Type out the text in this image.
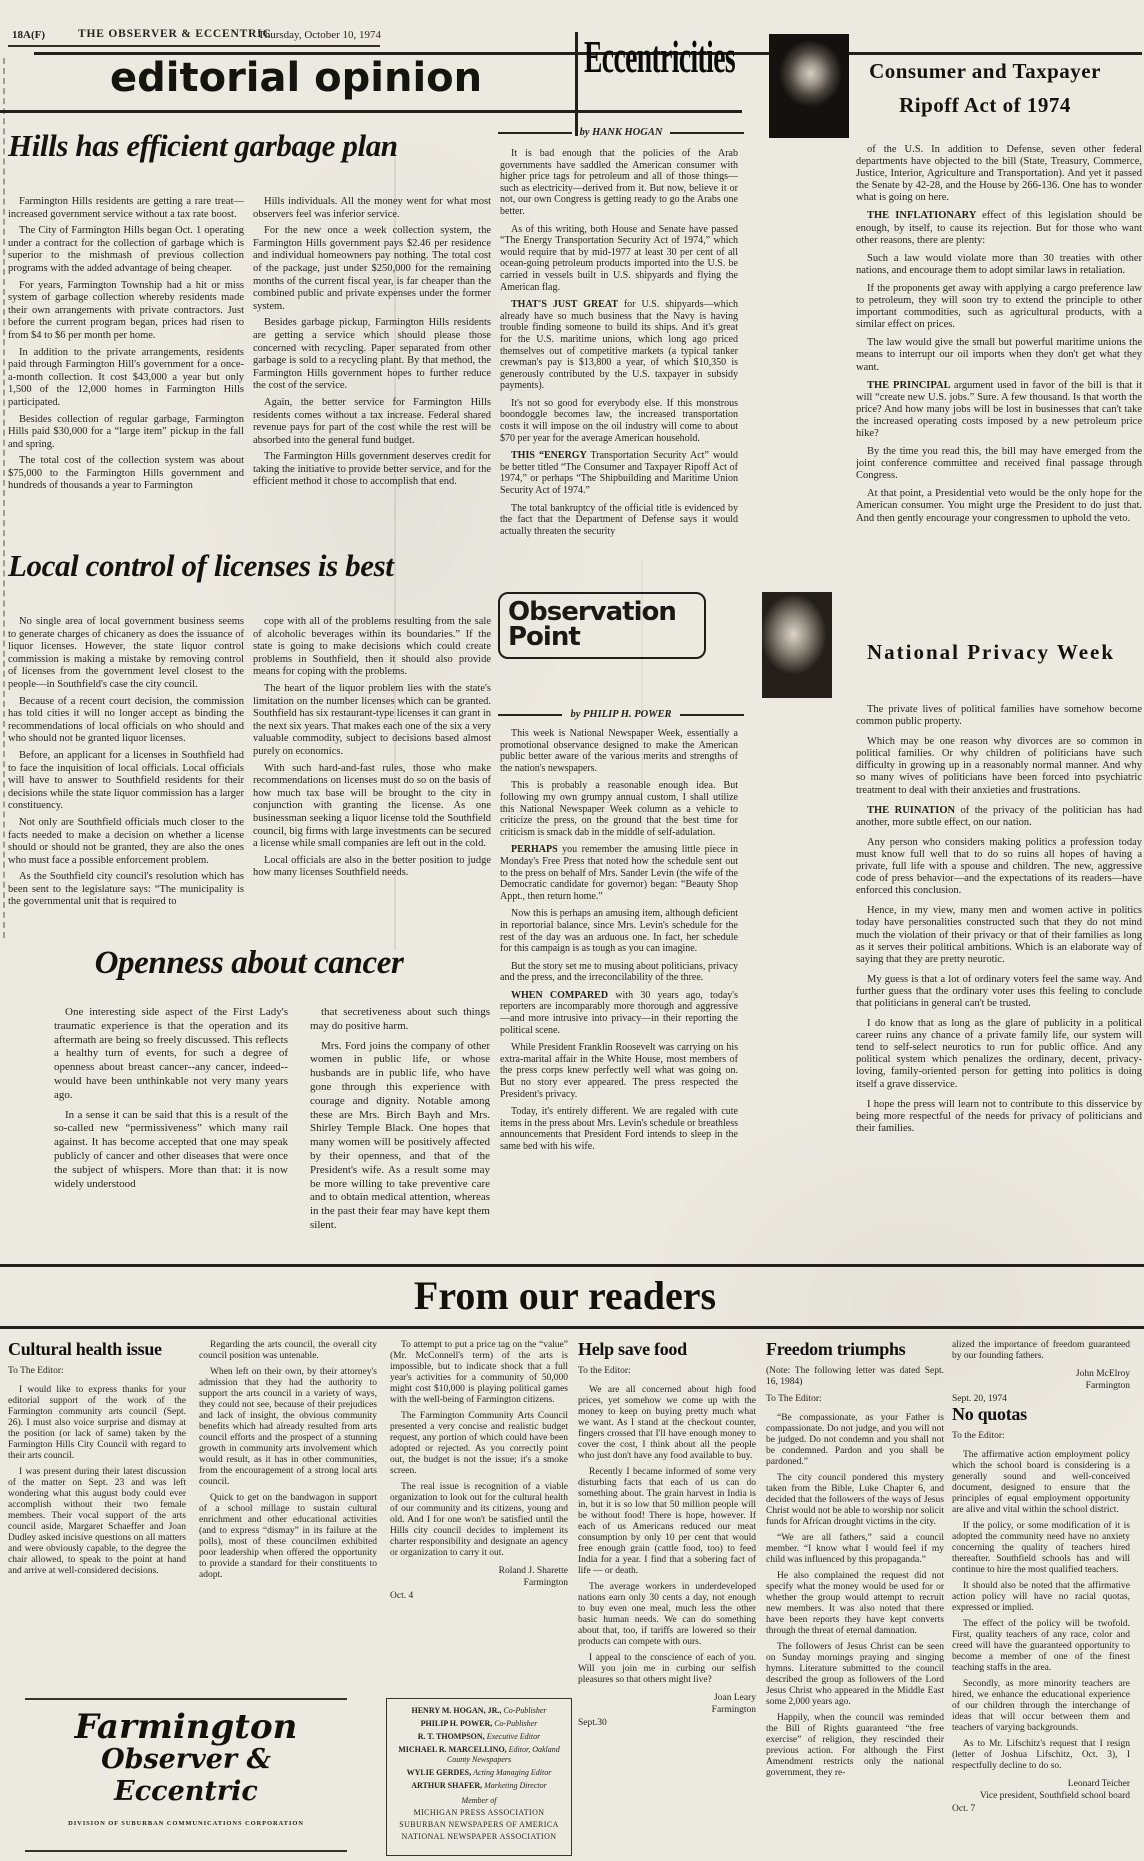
18A(F)	THE OBSERVER & ECCENTRIC
Thursday, October 10, 1974
editorial opinion
Hills has efficient garbage plan

Farmington Hills residents are getting a rare treat— increased government service without a tax rate boost.

The City of Farmington Hills began Oct. 1 operating under a contract for the collection of garbage which is superior to the mishmash of previous collection programs with the added advantage of being cheaper.

For years, Farmington Township had a hit or miss system of garbage collection whereby residents made their own arrangements with private contractors. Just before the current program began, prices had risen to from $4 to $6 per month per home.

In addition to the private arrangements, residents paid through Farmington Hill's government for a once-a-month collection. It cost $43,000 a year but only 1,500 of the 12,000 homes in Farmington Hills participated.

Besides collection of regular garbage, Farmington Hills paid $30,000 for a “large item” pickup in the fall and spring.

The total cost of the collection system was about $75,000 to the Farmington Hills government and hundreds of thousands a year to Farmington

Hills individuals. All the money went for what most observers feel was inferior service.

For the new once a week collection system, the Farmington Hills government pays $2.46 per residence and individual homeowners pay nothing. The total cost of the package, just under $250,000 for the remaining months of the current fiscal year, is far cheaper than the combined public and private expenses under the former system.

Besides garbage pickup, Farmington Hills residents are getting a service which should please those concerned with recycling. Paper separated from other garbage is sold to a recycling plant. By that method, the Farmington Hills government hopes to further reduce the cost of the service.

Again, the better service for Farmington Hills residents comes without a tax increase. Federal shared revenue pays for part of the cost while the rest will be absorbed into the general fund budget.

The Farmington Hills government deserves credit for taking the initiative to provide better service, and for the efficient method it chose to accomplish that end.

Eccentricities
by HANK HOGAN

It is bad enough that the policies of the Arab governments have saddled the American consumer with higher price tags for petroleum and all of those things—such as electricity—derived from it. But now, believe it or not, our own Congress is getting ready to go the Arabs one better.

As of this writing, both House and Senate have passed “The Energy Transportation Security Act of 1974,” which would require that by mid-1977 at least 30 per cent of all ocean-going petroleum products imported into the U.S. be carried in vessels built in U.S. shipyards and flying the American flag.

THAT'S JUST GREAT for U.S. shipyards—which already have so much business that the Navy is having trouble finding someone to build its ships. And it's great for the U.S. maritime unions, which long ago priced themselves out of competitive markets (a typical tanker crewman's pay is $13,800 a year, of which $10,350 is generously contributed by the U.S. taxpayer in subsidy payments).

It's not so good for everybody else. If this monstrous boondoggle becomes law, the increased transportation costs it will impose on the oil industry will come to about $70 per year for the average American household.

THIS “ENERGY Transportation Security Act” would be better titled “The Consumer and Taxpayer Ripoff Act of 1974,” or perhaps “The Shipbuilding and Maritime Union Security Act of 1974.”

The total bankruptcy of the official title is evidenced by the fact that the Department of Defense says it would actually threaten the security

Consumer and Taxpayer
Ripoff Act of 1974

of the U.S. In addition to Defense, seven other federal departments have objected to the bill (State, Treasury, Commerce, Justice, Interior, Agriculture and Transportation). And yet it passed the Senate by 42-28, and the House by 266-136. One has to wonder what is going on here.

THE INFLATIONARY effect of this legislation should be enough, by itself, to cause its rejection. But for those who want other reasons, there are plenty:

Such a law would violate more than 30 treaties with other nations, and encourage them to adopt similar laws in retaliation.

If the proponents get away with applying a cargo preference law to petroleum, they will soon try to extend the principle to other important commodities, such as agricultural products, with a similar effect on prices.

The law would give the small but powerful maritime unions the means to interrupt our oil imports when they don't get what they want.

THE PRINCIPAL argument used in favor of the bill is that it will “create new U.S. jobs.” Sure. A few thousand. Is that worth the price? And how many jobs will be lost in businesses that can't take the increased operating costs imposed by a new petroleum price hike?

By the time you read this, the bill may have emerged from the joint conference committee and received final passage through Congress.

At that point, a Presidential veto would be the only hope for the American consumer. You might urge the President to do just that. And then gently encourage your congressmen to uphold the veto.

Local control of licenses is best

No single area of local government business seems to generate charges of chicanery as does the issuance of liquor licenses. However, the state liquor control commission is making a mistake by removing control of licenses from the government level closest to the people—in Southfield's case the city council.

Because of a recent court decision, the commission has told cities it will no longer accept as binding the recommendations of local officials on who should and who should not be granted liquor licenses.

Before, an applicant for a licenses in Southfield had to face the inquisition of local officials. Local officials will have to answer to Southfield residents for their decisions while the state liquor commission has a larger constituency.

Not only are Southfield officials much closer to the facts needed to make a decision on whether a license should or should not be granted, they are also the ones who must face a possible enforcement problem.

As the Southfield city council's resolution which has been sent to the legislature says: “The municipality is the governmental unit that is required to

cope with all of the problems resulting from the sale of alcoholic beverages within its boundaries.” If the state is going to make decisions which could create problems in Southfield, then it should also provide means for coping with the problems.

The heart of the liquor problem lies with the state's limitation on the number licenses which can be granted. Southfield has six restaurant-type licenses it can grant in the next six years. That makes each one of the six a very valuable commodity, subject to decisions based almost purely on economics.

With such hard-and-fast rules, those who make recommendations on licenses must do so on the basis of how much tax base will be brought to the city in conjunction with granting the license. As one businessman seeking a liquor license told the Southfield council, big firms with large investments can be secured a license while small companies are left out in the cold.

Local officials are also in the better position to judge how many licenses Southfield needs.

Observation
Point
by PHILIP H. POWER

This week is National Newspaper Week, essentially a promotional observance designed to make the American public better aware of the various merits and strengths of the nation's newspapers.

This is probably a reasonable enough idea. But following my own grumpy annual custom, I shall utilize this National Newspaper Week column as a vehicle to criticize the press, on the ground that the best time for criticism is smack dab in the middle of self-adulation.

PERHAPS you remember the amusing little piece in Monday's Free Press that noted how the schedule sent out to the press on behalf of Mrs. Sander Levin (the wife of the Democratic candidate for governor) began: “Beauty Shop Appt., then return home.”

Now this is perhaps an amusing item, although deficient in reportorial balance, since Mrs. Levin's schedule for the rest of the day was an arduous one. In fact, her schedule for this campaign is as tough as you can imagine.

But the story set me to musing about politicians, privacy and the press, and the irreconcilability of the three.

WHEN COMPARED with 30 years ago, today's reporters are incomparably more thorough and aggressive—and more intrusive into privacy—in their reporting the political scene.

While President Franklin Roosevelt was carrying on his extra-marital affair in the White House, most members of the press corps knew perfectly well what was going on. But no story ever appeared. The press respected the President's privacy.

Today, it's entirely different. We are regaled with cute items in the press about Mrs. Levin's schedule or breathless announcements that President Ford intends to sleep in the same bed with his wife.

National Privacy Week

The private lives of political families have somehow become common public property.

Which may be one reason why divorces are so common in political families. Or why children of politicians have such difficulty in growing up in a reasonably normal manner. And why so many wives of politicians have been forced into psychiatric treatment to deal with their anxieties and frustrations.

THE RUINATION of the privacy of the politician has had another, more subtle effect, on our nation.

Any person who considers making politics a profession today must know full well that to do so ruins all hopes of having a private, full life with a spouse and children. The new, aggressive code of press behavior—and the expectations of its readers—have enforced this conclusion.

Hence, in my view, many men and women active in politics today have personalities constructed such that they do not mind much the violation of their privacy or that of their families as long as it serves their political ambitions. Which is an elaborate way of saying that they are pretty neurotic.

My guess is that a lot of ordinary voters feel the same way. And further guess that the ordinary voter uses this feeling to conclude that politicians in general can't be trusted.

I do know that as long as the glare of publicity in a political career ruins any chance of a private family life, our system will tend to self-select neurotics to run for public office. And any political system which penalizes the ordinary, decent, privacy-loving, family-oriented person for getting into politics is doing itself a grave disservice.

I hope the press will learn not to contribute to this disservice by being more respectful of the needs for privacy of politicians and their families.

Openness about cancer

One interesting side aspect of the First Lady's traumatic experience is that the operation and its aftermath are being so freely discussed. This reflects a healthy turn of events, for such a degree of openness about breast cancer--any cancer, indeed--would have been unthinkable not very many years ago.

In a sense it can be said that this is a result of the so-called new “permissiveness” which many rail against. It has become accepted that one may speak publicly of cancer and other diseases that were once the subject of whispers. More than that: it is now widely understood

that secretiveness about such things may do positive harm.

Mrs. Ford joins the company of other women in public life, or whose husbands are in public life, who have gone through this experience with courage and dignity. Notable among these are Mrs. Birch Bayh and Mrs. Shirley Temple Black. One hopes that many women will be positively affected by their openness, and that of the President's wife. As a result some may be more willing to take preventive care and to obtain medical attention, whereas in the past their fear may have kept them silent.

From our readers
Cultural health issue
To The Editor:

I would like to express thanks for your editorial support of the work of the Farmington community arts council (Sept. 26). I must also voice surprise and dismay at the position (or lack of same) taken by the Farmington Hills City Council with regard to their arts council.

I was present during their latest discussion of the matter on Sept. 23 and was left wondering what this august body could ever accomplish without their two female members. Their vocal support of the arts council aside, Margaret Schaeffer and Joan Dudley asked incisive questions on all matters and were obviously capable, to the degree the chair allowed, to speak to the point at hand and arrive at well-considered decisions.

Regarding the arts council, the overall city council position was untenable.

When left on their own, by their attorney's admission that they had the authority to support the arts council in a variety of ways, they could not see, because of their prejudices and lack of insight, the obvious community benefits which had already resulted from arts council efforts and the prospect of a stunning growth in community arts involvement which would result, as it has in other communities, from the encouragement of a strong local arts council.

Quick to get on the bandwagon in support of a school millage to sustain cultural enrichment and other educational activities (and to express “dismay” in its failure at the polls), most of these councilmen exhibited poor leadership when offered the opportunity to provide a standard for their constituents to adopt.

To attempt to put a price tag on the “value” (Mr. McConnell's term) of the arts is impossible, but to indicate shock that a full year's activities for a community of 50,000 might cost $10,000 is playing political games with the well-being of Farmington citizens.

The Farmington Community Arts Council presented a very concise and realistic budget request, any portion of which could have been adopted or rejected. As you correctly point out, the budget is not the issue; it's a smoke screen.

The real issue is recognition of a viable organization to look out for the cultural health of our community and its citizens, young and old. And I for one won't be satisfied until the Hills city council decides to implement its charter responsibility and designate an agency or organization to carry it out.

Roland J. Sharette
Farmington
Oct. 4
Help save food
To the Editor:

We are all concerned about high food prices, yet somehow we come up with the money to keep on buying pretty much what we want. As I stand at the checkout counter, fingers crossed that I'll have enough money to cover the cost, I think about all the people who just don't have any food available to buy.

Recently I became informed of some very disturbing facts that each of us can do something about. The grain harvest in India is in, but it is so low that 50 million people will be without food! There is hope, however. If each of us Americans reduced our meat consumption by only 10 per cent that would free enough grain (cattle food, too) to feed India for a year. I find that a sobering fact of life — or death.

The average workers in underdeveloped nations earn only 30 cents a day, not enough to buy even one meal, much less the other basic human needs. We can do something about that, too, if tariffs are lowered so their products can compete with ours.

I appeal to the conscience of each of you. Will you join me in curbing our selfish pleasures so that others might live?

Joan Leary
Farmington
Sept.30
Freedom triumphs
(Note: The following letter was dated Sept. 16, 1984)
To The Editor:

“Be compassionate, as your Father is compassionate. Do not judge, and you will not be judged. Do not condemn and you shall not be condemned. Pardon and you shall be pardoned.”

The city council pondered this mystery taken from the Bible, Luke Chapter 6, and decided that the followers of the ways of Jesus Christ would not be able to worship nor solicit funds for African drought victims in the city.

“We are all fathers,” said a council member. “I know what I would feel if my child was influenced by this propaganda.”

He also complained the request did not specify what the money would be used for or whether the group would attempt to recruit new members. It was also noted that there have been reports they have kept converts through the threat of eternal damnation.

The followers of Jesus Christ can be seen on Sunday mornings praying and singing hymns. Literature submitted to the council described the group as followers of the Lord Jesus Christ who appeared in the Middle East some 2,000 years ago.

Happily, when the council was reminded the Bill of Rights guaranteed “the free exercise” of religion, they rescinded their previous action. For although the First Amendment restricts only the national government, they re-

alized the importance of freedom guaranteed by our founding fathers.
John McElroy
Farmington
Sept. 20, 1974
No quotas
To the Editor:

The affirmative action employment policy which the school board is considering is a generally sound and well-conceived document, designed to ensure that the principles of equal employment opportunity are alive and vital within the school district.

If the policy, or some modification of it is adopted the community need have no anxiety concerning the quality of teachers hired thereafter. Southfield schools has and will continue to hire the most qualified teachers.

It should also be noted that the affirmative action policy will have no racial quotas, expressed or implied.

The effect of the policy will be twofold. First, quality teachers of any race, color and creed will have the guaranteed opportunity to become a member of one of the finest teaching staffs in the area.

Secondly, as more minority teachers are hired, we enhance the educational experience of our children through the interchange of ideas that will occur between them and teachers of varying backgrounds.

As to Mr. Lifschitz's request that I resign (letter of Joshua Lifschitz, Oct. 3), I respectfully decline to do so.

Leonard Teicher
Vice president, Southfield school board
Oct. 7
Farmington
Observer & Eccentric
DIVISION OF SUBURBAN COMMUNICATIONS CORPORATION
HENRY M. HOGAN, JR., Co-Publisher
PHILIP H. POWER, Co-Publisher
R. T. THOMPSON, Executive Editor
MICHAEL R. MARCELLINO, Editor, Oakland County Newspapers
WYLIE GERDES, Acting Managing Editor
ARTHUR SHAFER, Marketing Director
Member of
MICHIGAN PRESS ASSOCIATION
SUBURBAN NEWSPAPERS OF AMERICA
NATIONAL NEWSPAPER ASSOCIATION
